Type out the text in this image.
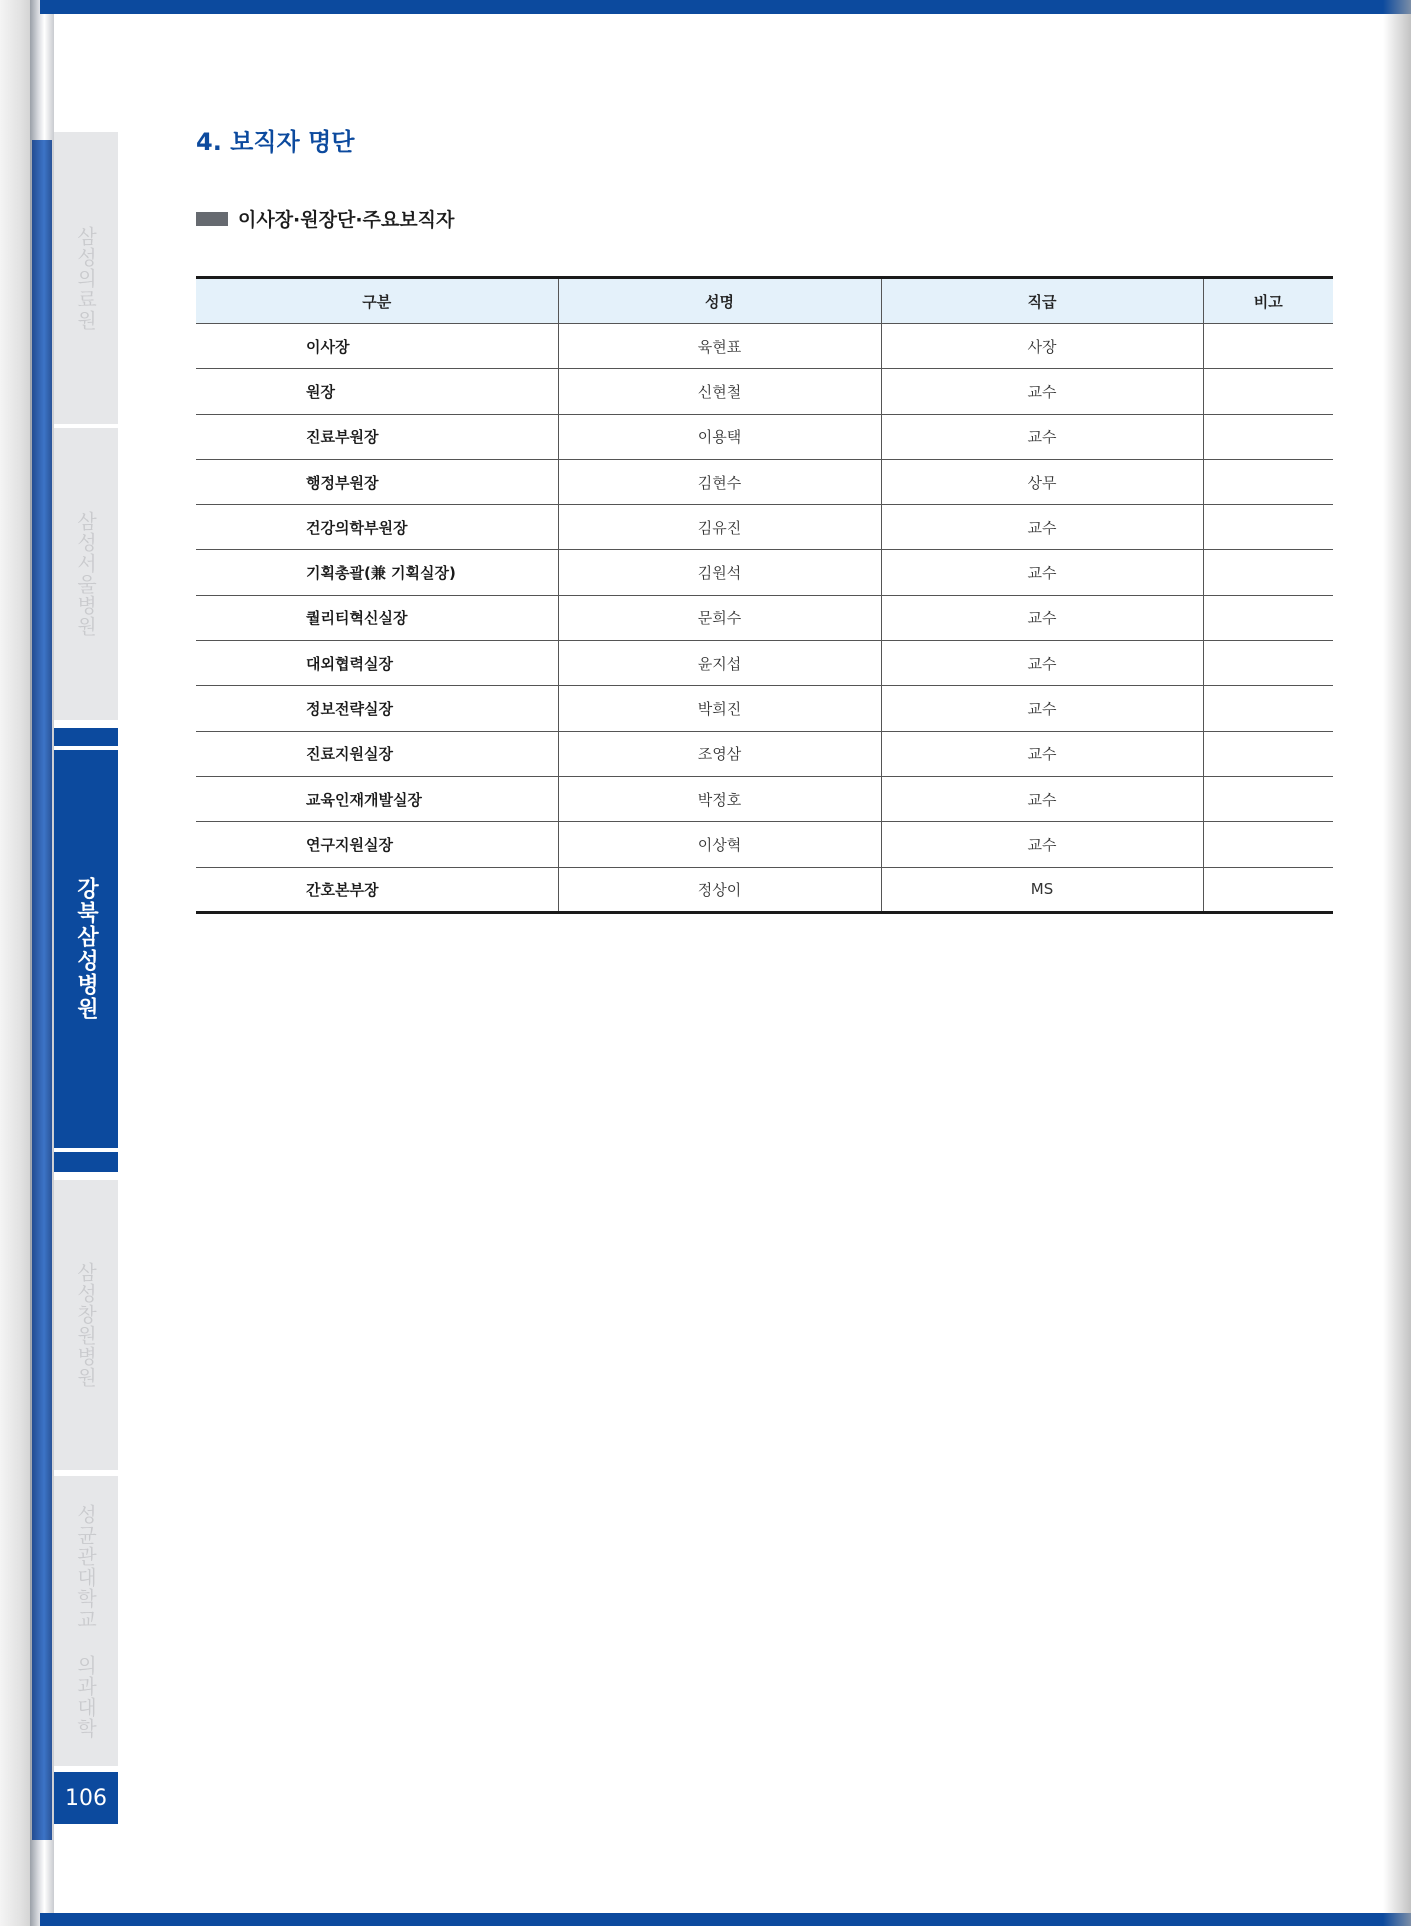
삼성의료원
삼성서울병원
강북삼성병원
삼성창원병원
성균관대학교 의과대학
106
4. 보직자 명단
이사장·원장단·주요보직자
구분	성명	직급	비고
이사장	육현표	사장	
원장	신현철	교수	
진료부원장	이용택	교수	
행정부원장	김현수	상무	
건강의학부원장	김유진	교수	
기획총괄(兼 기획실장)	김원석	교수	
퀄리티혁신실장	문희수	교수	
대외협력실장	윤지섭	교수	
정보전략실장	박희진	교수	
진료지원실장	조영삼	교수	
교육인재개발실장	박정호	교수	
연구지원실장	이상혁	교수	
간호본부장	정상이	MS	
